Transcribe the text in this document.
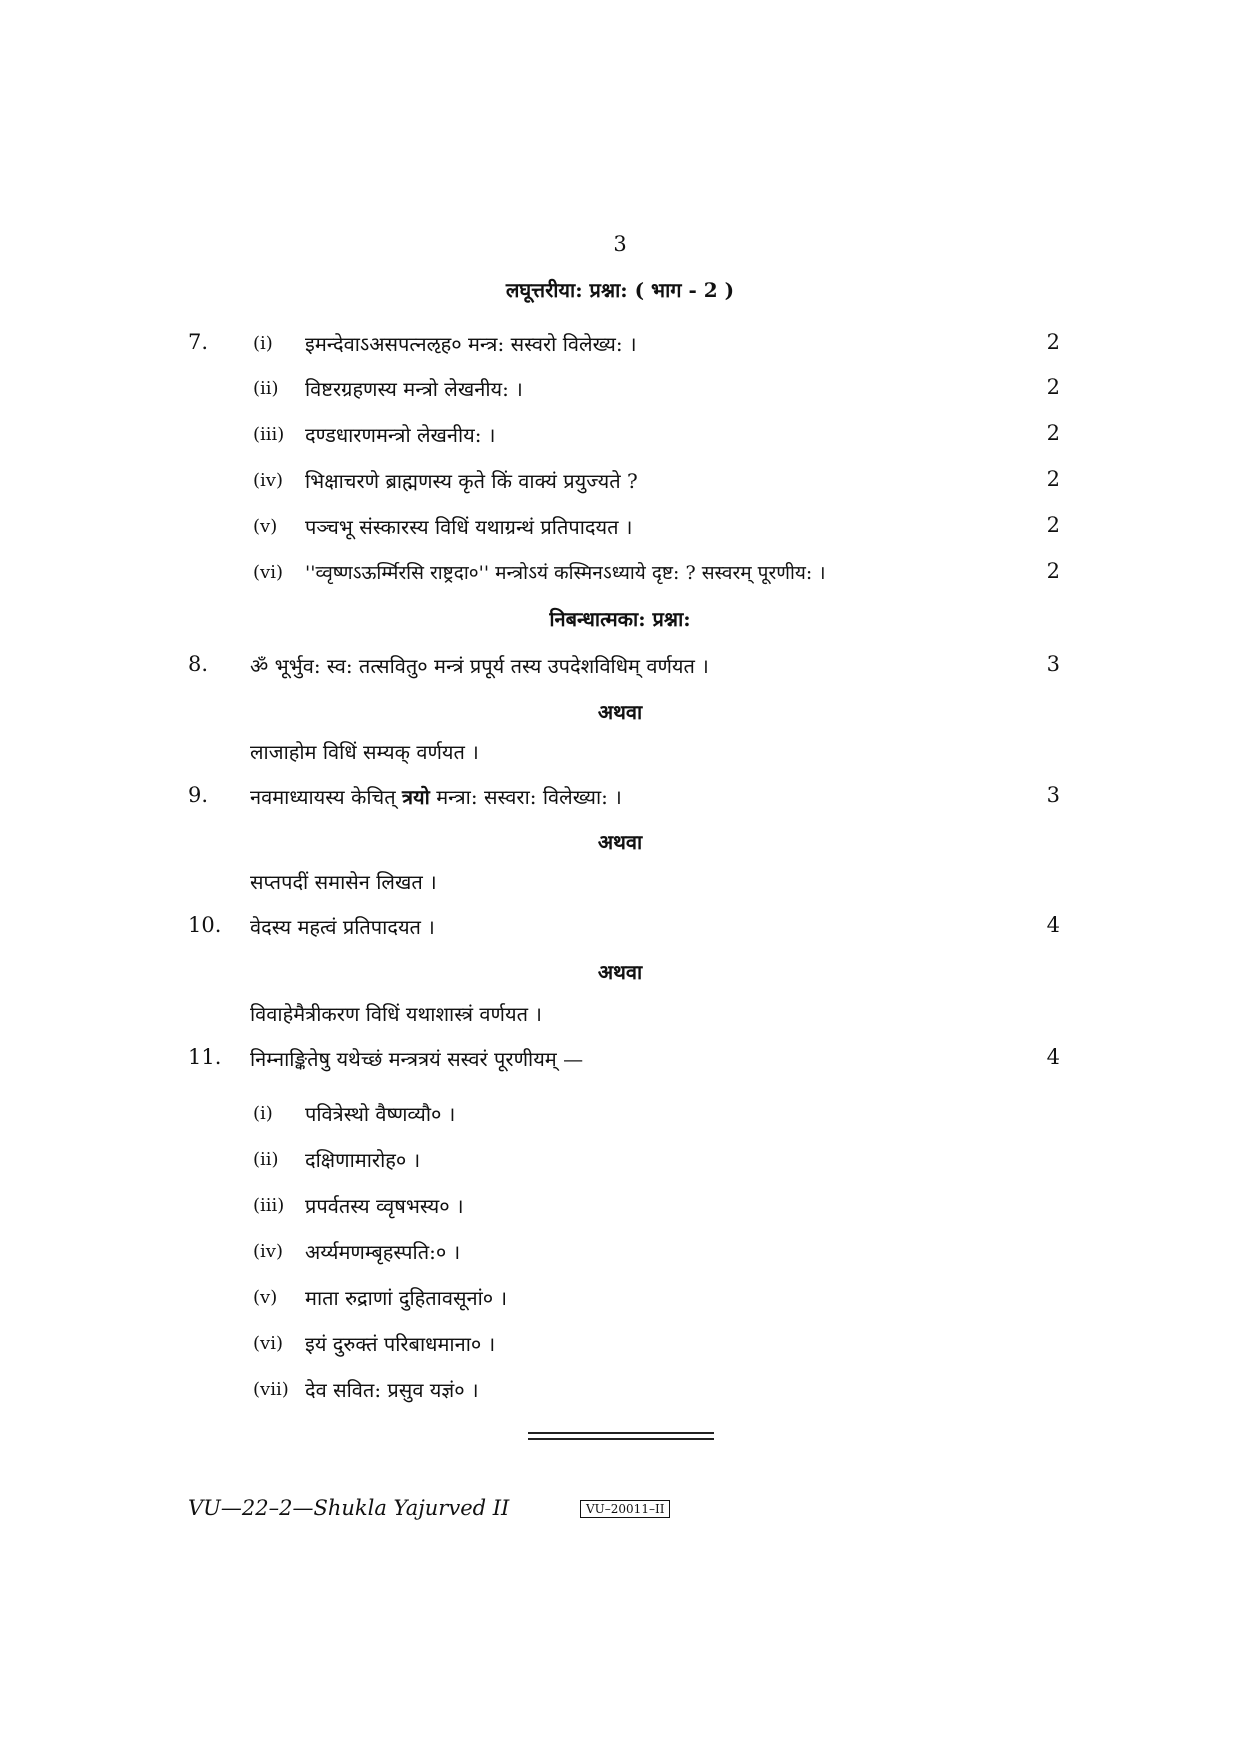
3
लघूत्तरीया: प्रश्ना: ( भाग - 2 )
7. (i) इमन्देवाऽअसपत्नऌह० मन्त्र: सस्वरो विलेख्य: ।	2
(ii) विष्टरग्रहणस्य मन्त्रो लेखनीय: ।	2
(iii) दण्डधारणमन्त्रो लेखनीय: ।	2
(iv) भिक्षाचरणे ब्राह्मणस्य कृते किं वाक्यं प्रयुज्यते ?	2
(v) पञ्चभू संस्कारस्य विधिं यथाग्रन्थं प्रतिपादयत ।	2
(vi) ''व्वृष्णऽऊर्म्मिरसि राष्ट्रदा०'' मन्त्रोऽयं कस्मिनऽध्याये दृष्ट: ? सस्वरम् पूरणीय: ।	2
निबन्धात्मका: प्रश्ना:
8. ॐ भूर्भुव: स्व: तत्सवितु० मन्त्रं प्रपूर्य तस्य उपदेशविधिम् वर्णयत ।	3
अथवा
लाजाहोम विधिं सम्यक् वर्णयत ।
9. नवमाध्यायस्य केचित् त्रयो मन्त्रा: सस्वरा: विलेख्या: ।	3
अथवा
सप्तपदीं समासेन लिखत ।
10. वेदस्य महत्वं प्रतिपादयत ।	4
अथवा
विवाहेमैत्रीकरण विधिं यथाशास्त्रं वर्णयत ।
11. निम्नाङ्कितेषु यथेच्छं मन्त्रत्रयं सस्वरं पूरणीयम् —	4
(i) पवित्रेस्थो वैष्णव्यौ० ।
(ii) दक्षिणामारोह० ।
(iii) प्रपर्वतस्य व्वृषभस्य० ।
(iv) अर्य्यमणम्बृहस्पति:० ।
(v) माता रुद्राणां दुहितावसूनां० ।
(vi) इयं दुरुक्तं परिबाधमाना० ।
(vii) देव सवित: प्रसुव यज्ञं० ।
VU—22–2—Shukla Yajurved II	VU–20011–II
